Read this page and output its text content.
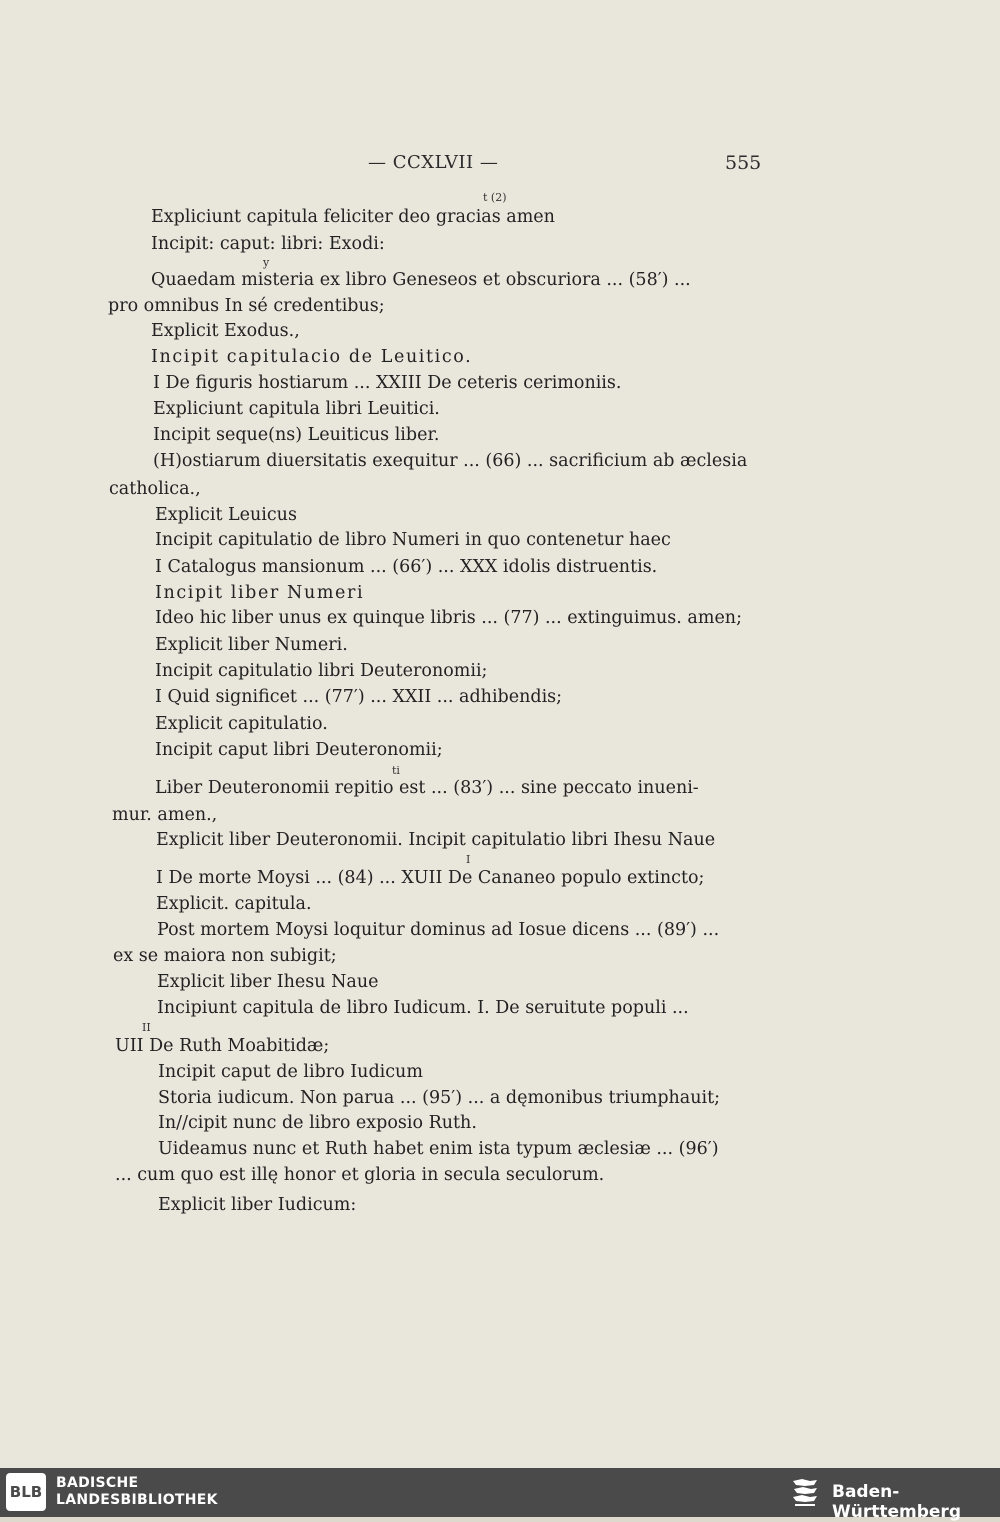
— CCXLVII —	555
t (2)
Expliciunt capitula feliciter deo gracias amen
Incipit: caput: libri: Exodi:
y
Quaedam misteria ex libro Geneseos et obscuriora ... (58′) ...
pro omnibus In sé credentibus;
Explicit Exodus.,
Incipit capitulacio de Leuitico.
I De figuris hostiarum ... XXIII De ceteris cerimoniis.
Expliciunt capitula libri Leuitici.
Incipit seque(ns) Leuiticus liber.
(H)ostiarum diuersitatis exequitur ... (66) ... sacrificium ab æclesia
catholica.,
Explicit Leuicus
Incipit capitulatio de libro Numeri in quo contenetur haec
I Catalogus mansionum ... (66′) ... XXX idolis distruentis.
Incipit liber Numeri
Ideo hic liber unus ex quinque libris ... (77) ... extinguimus. amen;
Explicit liber Numeri.
Incipit capitulatio libri Deuteronomii;
I Quid significet ... (77′) ... XXII ... adhibendis;
Explicit capitulatio.
Incipit caput libri Deuteronomii;
ti
Liber Deuteronomii repitio est ... (83′) ... sine peccato inueni-
mur. amen.,
Explicit liber Deuteronomii. Incipit capitulatio libri Ihesu Naue
I
I De morte Moysi ... (84) ... XUII De Cananeo populo extincto;
Explicit. capitula.
Post mortem Moysi loquitur dominus ad Iosue dicens ... (89′) ...
ex se maiora non subigit;
Explicit liber Ihesu Naue
Incipiunt capitula de libro Iudicum. I. De seruitute populi ...
II
UII De Ruth Moabitidæ;
Incipit caput de libro Iudicum
Storia iudicum. Non parua ... (95′) ... a dęmonibus triumphauit;
In//cipit nunc de libro exposio Ruth.
Uideamus nunc et Ruth habet enim ista typum æclesiæ ... (96′)
... cum quo est illę honor et gloria in secula seculorum.
Explicit liber Iudicum:
BLB BADISCHE
LANDESBIBLIOTHEK	Baden-Württemberg
